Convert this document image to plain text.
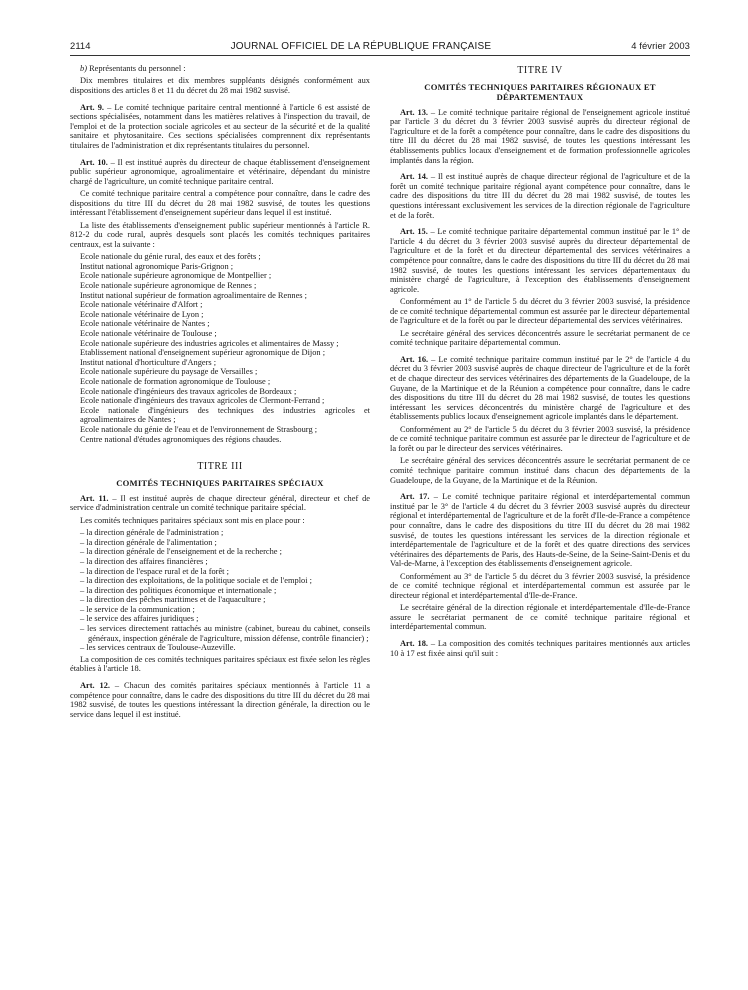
2114	JOURNAL OFFICIEL DE LA RÉPUBLIQUE FRANÇAISE	4 février 2003

b) Représentants du personnel :

Dix membres titulaires et dix membres suppléants désignés conformément aux dispositions des articles 8 et 11 du décret du 28 mai 1982 susvisé.

Art. 9. – Le comité technique paritaire central mentionné à l'article 6 est assisté de sections spécialisées, notamment dans les matières relatives à l'inspection du travail, de l'emploi et de la protection sociale agricoles et au secteur de la sécurité et de la qualité sanitaire et phytosanitaire. Ces sections spécialisées comprennent dix représentants titulaires de l'administration et dix représentants titulaires du personnel.

Art. 10. – Il est institué auprès du directeur de chaque établissement d'enseignement public supérieur agronomique, agroalimentaire et vétérinaire, dépendant du ministre chargé de l'agriculture, un comité technique paritaire central.

Ce comité technique paritaire central a compétence pour connaître, dans le cadre des dispositions du titre III du décret du 28 mai 1982 susvisé, de toutes les questions intéressant l'établissement d'enseignement supérieur dans lequel il est institué.

La liste des établissements d'enseignement public supérieur mentionnés à l'article R. 812-2 du code rural, auprès desquels sont placés les comités techniques paritaires centraux, est la suivante :

Ecole nationale du génie rural, des eaux et des forêts ;
Institut national agronomique Paris-Grignon ;
Ecole nationale supérieure agronomique de Montpellier ;
Ecole nationale supérieure agronomique de Rennes ;
Institut national supérieur de formation agroalimentaire de Rennes ;
Ecole nationale vétérinaire d'Alfort ;
Ecole nationale vétérinaire de Lyon ;
Ecole nationale vétérinaire de Nantes ;
Ecole nationale vétérinaire de Toulouse ;
Ecole nationale supérieure des industries agricoles et alimentaires de Massy ;
Etablissement national d'enseignement supérieur agronomique de Dijon ;
Institut national d'horticulture d'Angers ;
Ecole nationale supérieure du paysage de Versailles ;
Ecole nationale de formation agronomique de Toulouse ;
Ecole nationale d'ingénieurs des travaux agricoles de Bordeaux ;
Ecole nationale d'ingénieurs des travaux agricoles de Clermont-Ferrand ;
Ecole nationale d'ingénieurs des techniques des industries agricoles et agroalimentaires de Nantes ;
Ecole nationale du génie de l'eau et de l'environnement de Strasbourg ;
Centre national d'études agronomiques des régions chaudes.
TITRE III
COMITÉS TECHNIQUES PARITAIRES SPÉCIAUX

Art. 11. – Il est institué auprès de chaque directeur général, directeur et chef de service d'administration centrale un comité technique paritaire spécial.

Les comités techniques paritaires spéciaux sont mis en place pour :

– la direction générale de l'administration ;
– la direction générale de l'alimentation ;
– la direction générale de l'enseignement et de la recherche ;
– la direction des affaires financières ;
– la direction de l'espace rural et de la forêt ;
– la direction des exploitations, de la politique sociale et de l'emploi ;
– la direction des politiques économique et internationale ;
– la direction des pêches maritimes et de l'aquaculture ;
– le service de la communication ;
– le service des affaires juridiques ;
– les services directement rattachés au ministre (cabinet, bureau du cabinet, conseils généraux, inspection générale de l'agriculture, mission défense, contrôle financier) ;
– les services centraux de Toulouse-Auzeville.

La composition de ces comités techniques paritaires spéciaux est fixée selon les règles établies à l'article 18.

Art. 12. – Chacun des comités paritaires spéciaux mentionnés à l'article 11 a compétence pour connaître, dans le cadre des dispositions du titre III du décret du 28 mai 1982 susvisé, de toutes les questions intéressant la direction générale, la direction ou le service dans lequel il est institué.

TITRE IV
COMITÉS TECHNIQUES PARITAIRES RÉGIONAUX ET DÉPARTEMENTAUX

Art. 13. – Le comité technique paritaire régional de l'enseignement agricole institué par l'article 3 du décret du 3 février 2003 susvisé auprès du directeur régional de l'agriculture et de la forêt a compétence pour connaître, dans le cadre des dispositions du titre III du décret du 28 mai 1982 susvisé, de toutes les questions intéressant les établissements publics locaux d'enseignement et de formation professionnelle agricoles implantés dans la région.

Art. 14. – Il est institué auprès de chaque directeur régional de l'agriculture et de la forêt un comité technique paritaire régional ayant compétence pour connaître, dans le cadre des dispositions du titre III du décret du 28 mai 1982 susvisé, de toutes les questions intéressant exclusivement les services de la direction régionale de l'agriculture et de la forêt.

Art. 15. – Le comité technique paritaire départemental commun institué par le 1° de l'article 4 du décret du 3 février 2003 susvisé auprès du directeur départemental de l'agriculture et de la forêt et du directeur départemental des services vétérinaires a compétence pour connaître, dans le cadre des dispositions du titre III du décret du 28 mai 1982 susvisé, de toutes les questions intéressant les services départementaux du ministère chargé de l'agriculture, à l'exception des établissements d'enseignement agricole.

Conformément au 1° de l'article 5 du décret du 3 février 2003 susvisé, la présidence de ce comité technique départemental commun est assurée par le directeur départemental de l'agriculture et de la forêt ou par le directeur départemental des services vétérinaires.

Le secrétaire général des services déconcentrés assure le secrétariat permanent de ce comité technique paritaire départemental commun.

Art. 16. – Le comité technique paritaire commun institué par le 2° de l'article 4 du décret du 3 février 2003 susvisé auprès de chaque directeur de l'agriculture et de la forêt et de chaque directeur des services vétérinaires des départements de la Guadeloupe, de la Guyane, de la Martinique et de la Réunion a compétence pour connaître, dans le cadre des dispositions du titre III du décret du 28 mai 1982 susvisé, de toutes les questions intéressant les services déconcentrés du ministère chargé de l'agriculture et des établissements publics locaux d'enseignement agricole implantés dans le département.

Conformément au 2° de l'article 5 du décret du 3 février 2003 susvisé, la présidence de ce comité technique paritaire commun est assurée par le directeur de l'agriculture et de la forêt ou par le directeur des services vétérinaires.

Le secrétaire général des services déconcentrés assure le secrétariat permanent de ce comité technique paritaire commun institué dans chacun des départements de la Guadeloupe, de la Guyane, de la Martinique et de la Réunion.

Art. 17. – Le comité technique paritaire régional et interdépartemental commun institué par le 3° de l'article 4 du décret du 3 février 2003 susvisé auprès du directeur régional et interdépartemental de l'agriculture et de la forêt d'Ile-de-France a compétence pour connaître, dans le cadre des dispositions du titre III du décret du 28 mai 1982 susvisé, de toutes les questions intéressant les services de la direction régionale et interdépartementale de l'agriculture et de la forêt et des quatre directions des services vétérinaires des départements de Paris, des Hauts-de-Seine, de la Seine-Saint-Denis et du Val-de-Marne, à l'exception des établissements d'enseignement agricole.

Conformément au 3° de l'article 5 du décret du 3 février 2003 susvisé, la présidence de ce comité technique régional et interdépartemental commun est assurée par le directeur régional et interdépartemental d'Ile-de-France.

Le secrétaire général de la direction régionale et interdépartementale d'Ile-de-France assure le secrétariat permanent de ce comité technique paritaire régional et interdépartemental commun.

Art. 18. – La composition des comités techniques paritaires mentionnés aux articles 10 à 17 est fixée ainsi qu'il suit :
